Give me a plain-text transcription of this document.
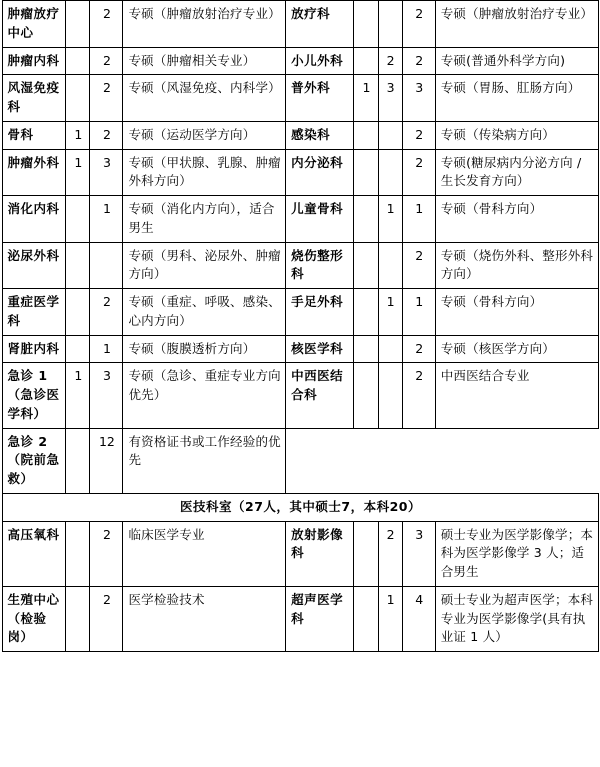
肿瘤放疗中心		2	专硕（肿瘤放射治疗专业）	放疗科			2	专硕（肿瘤放射治疗专业）
肿瘤内科		2	专硕（肿瘤相关专业）	小儿外科		2	2	专硕(普通外科学方向)
风湿免疫科		2	专硕（风湿免疫、内科学）	普外科	1	3	3	专硕（胃肠、肛肠方向）
骨科	1	2	专硕（运动医学方向）	感染科			2	专硕（传染病方向）
肿瘤外科	1	3	专硕（甲状腺、乳腺、肿瘤外科方向）	内分泌科			2	专硕(糖尿病内分泌方向 / 生长发育方向）
消化内科		1	专硕（消化内方向），适合男生	儿童骨科		1	1	专硕（骨科方向）
泌尿外科			专硕（男科、泌尿外、肿瘤方向）	烧伤整形科			2	专硕（烧伤外科、整形外科方向）
重症医学科		2	专硕（重症、呼吸、感染、心内方向）	手足外科		1	1	专硕（骨科方向）
肾脏内科		1	专硕（腹膜透析方向）	核医学科			2	专硕（核医学方向）
急诊 1（急诊医学科）	1	3	专硕（急诊、重症专业方向优先）	中西医结合科			2	中西医结合专业
急诊 2（院前急救）		12	有资格证书或工作经验的优先					
医技科室（27人，其中硕士7，本科20）								
高压氧科		2	临床医学专业	放射影像科		2	3	硕士专业为医学影像学；本科为医学影像学 3 人；适合男生
生殖中心（检验岗）		2	医学检验技术	超声医学科		1	4	硕士专业为超声医学；本科专业为医学影像学(具有执业证 1 人）
